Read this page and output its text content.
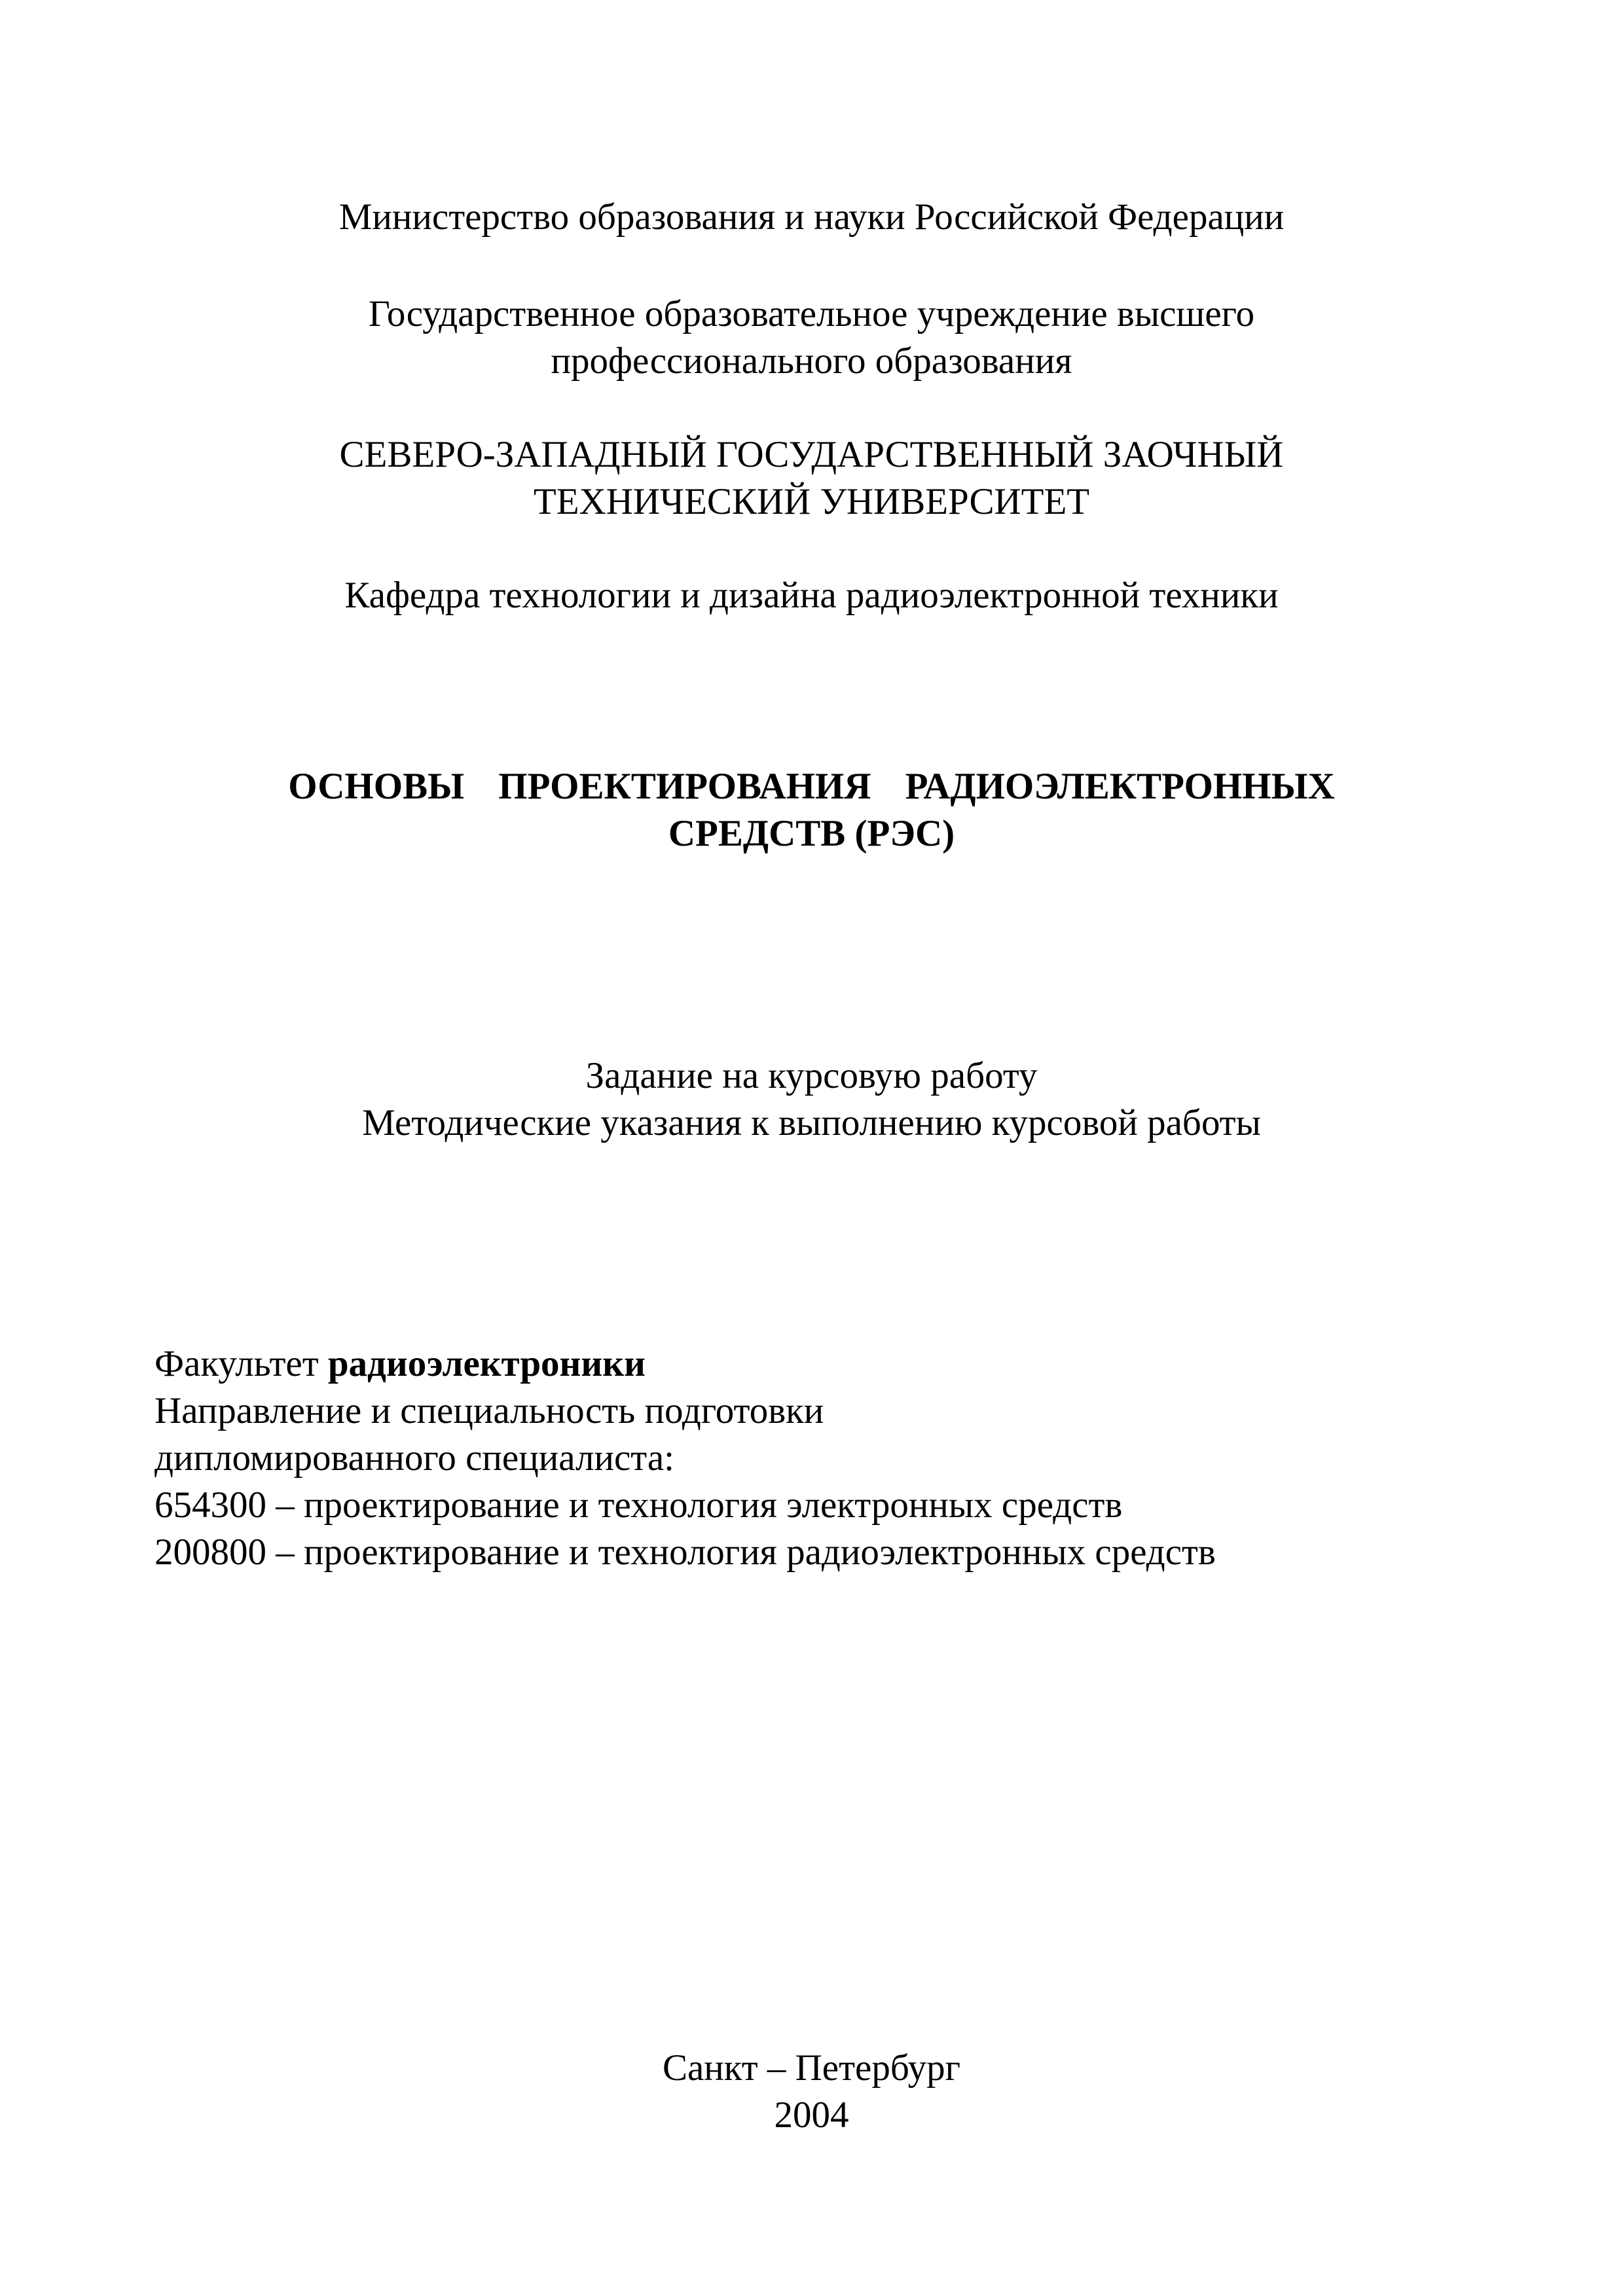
Министерство образования и науки Российской Федерации
Государственное образовательное учреждение высшего
профессионального образования
СЕВЕРО-ЗАПАДНЫЙ ГОСУДАРСТВЕННЫЙ ЗАОЧНЫЙ
ТЕХНИЧЕСКИЙ УНИВЕРСИТЕТ
Кафедра технологии и дизайна радиоэлектронной техники
ОСНОВЫ ПРОЕКТИРОВАНИЯ РАДИОЭЛЕКТРОННЫХ
СРЕДСТВ (РЭС)
Задание на курсовую работу
Методические указания к выполнению курсовой работы
Факультет радиоэлектроники
Направление и специальность подготовки
дипломированного специалиста:
654300 – проектирование и технология электронных средств
200800 – проектирование и технология радиоэлектронных средств
Санкт – Петербург
2004
